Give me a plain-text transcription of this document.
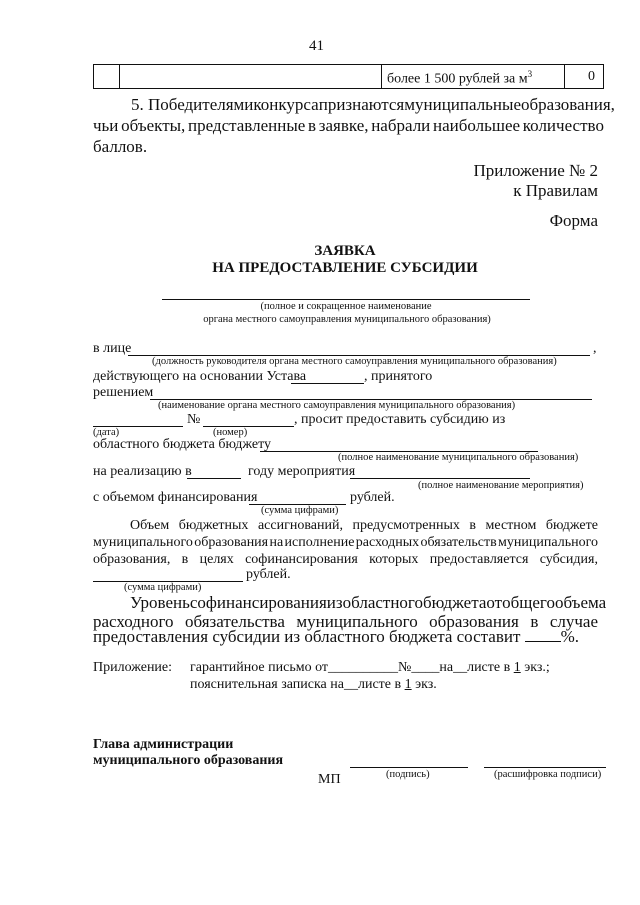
41
более 1 500 рублей за $м^3$	0
5. Победителями конкурса признаются муниципальные образования,
чьи объекты, представленные в заявке, набрали наибольшее количество
баллов.
Приложение № 2
к Правилам
Форма
ЗАЯВКА
НА ПРЕДОСТАВЛЕНИЕ СУБСИДИИ
(полное и сокращенное наименование
органа местного самоуправления муниципального образования)
в лице	,
(должность руководителя органа местного самоуправления муниципального образования)
действующего на основании Устава	, принятого
решением
(наименование органа местного самоуправления муниципального образования)
№	, просит предоставить субсидию из
(дата)	(номер)
областного бюджета бюджету
(полное наименование муниципального образования)
на реализацию в	году мероприятия
(полное наименование мероприятия)
с объемом финансирования	рублей.
(сумма цифрами)
Объем бюджетных ассигнований, предусмотренных в местном бюджете
муниципального образования на исполнение расходных обязательств муниципального
образования, в целях софинансирования которых предоставляется субсидия,
рублей.
(сумма цифрами)
Уровень софинансирования из областного бюджета от общего объема
расходного обязательства муниципального образования в случае
предоставления субсидии из областного бюджета составит %.
Приложение: гарантийное письмо от__________№____на__листе в 1 экз.;
пояснительная записка на__листе в 1 экз.
Глава администрации
муниципального образования
МП	(подпись)	(расшифровка подписи)
